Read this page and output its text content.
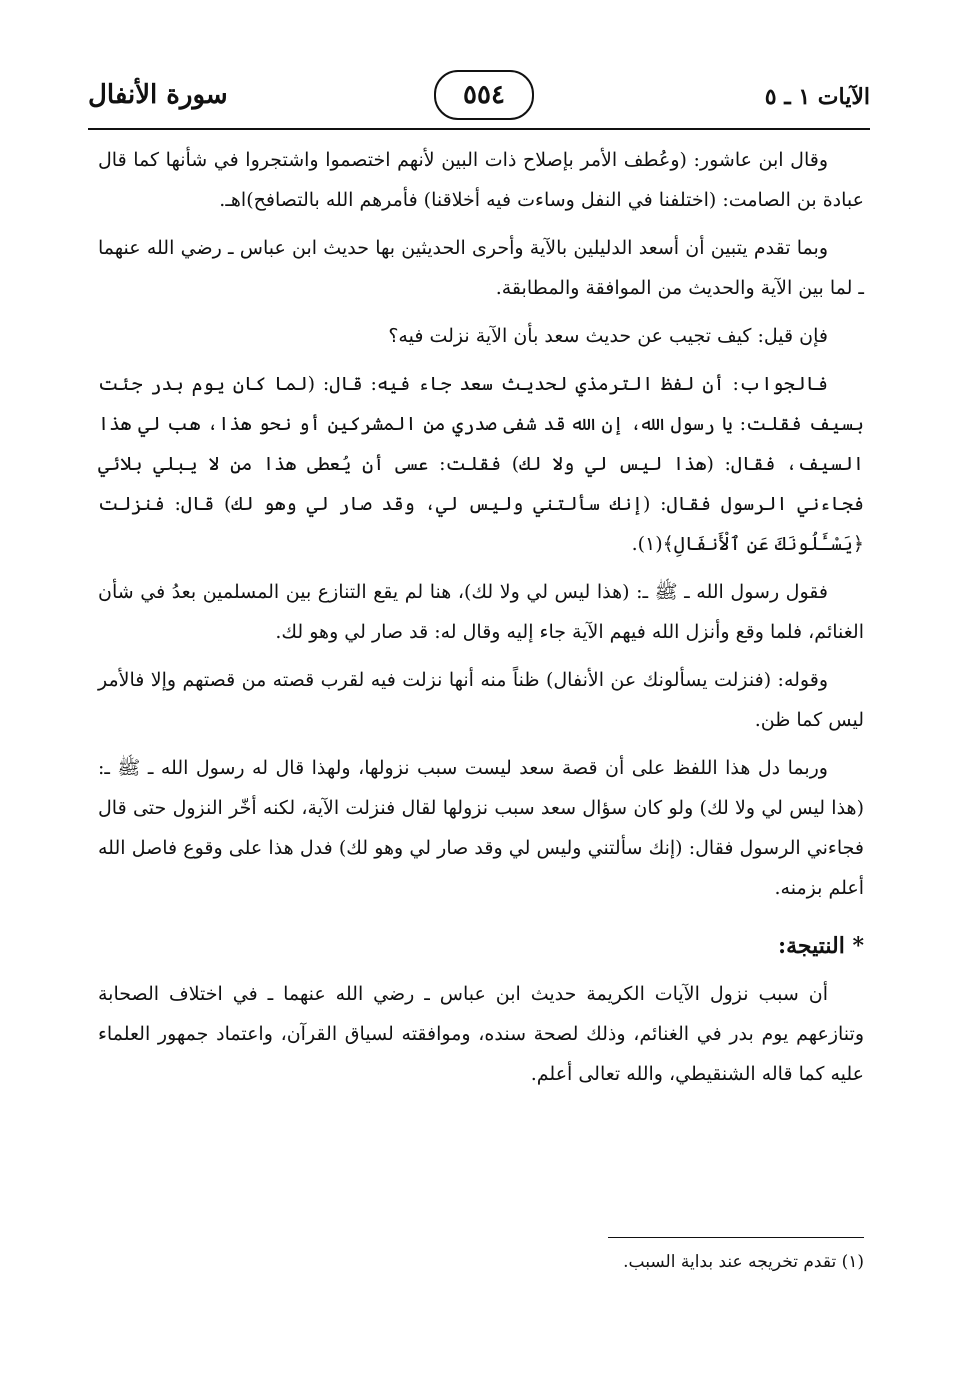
الآيات ١ ـ ٥
٥٥٤
سورة الأنفال

وقال ابن عاشور: (وعُطف الأمر بإصلاح ذات البين لأنهم اختصموا واشتجروا في شأنها كما قال عبادة بن الصامت: (اختلفنا في النفل وساءت فيه أخلاقنا) فأمرهم الله بالتصافح)اهـ.

وبما تقدم يتبين أن أسعد الدليلين بالآية وأحرى الحديثين بها حديث ابن عباس ـ رضي الله عنهما ـ لما بين الآية والحديث من الموافقة والمطابقة.

فإن قيل: كيف تجيب عن حديث سعد بأن الآية نزلت فيه؟

فالجواب: أن لفظ الترمذي لحديث سعد جاء فيه: قال: (لما كان يوم بدر جئت بسيف فقلت: يا رسول الله، إن الله قد شفى صدري من المشركين أو نحو هذا، هب لي هذا السيف، فقال: (هذا ليس لي ولا لك) فقلت: عسى أن يُعطى هذا من لا يبلي بلائي فجاءني الرسول فقال: (إنك سألتني وليس لي، وقد صار لي وهو لك) قال: فنزلت ﴿يَسْـَٔلُونَكَ عَنِ ٱلْأَنفَالِ﴾(١).

فقول رسول الله ـ ﷺ ـ: (هذا ليس لي ولا لك)، هنا لم يقع التنازع بين المسلمين بعدُ في شأن الغنائم، فلما وقع وأنزل الله فيهم الآية جاء إليه وقال له: قد صار لي وهو لك.

وقوله: (فنزلت يسألونك عن الأنفال) ظناً منه أنها نزلت فيه لقرب قصته من قصتهم وإلا فالأمر ليس كما ظن.

وربما دل هذا اللفظ على أن قصة سعد ليست سبب نزولها، ولهذا قال له رسول الله ـ ﷺ ـ: (هذا ليس لي ولا لك) ولو كان سؤال سعد سبب نزولها لقال فنزلت الآية، لكنه أخّر النزول حتى قال فجاءني الرسول فقال: (إنك سألتني وليس لي وقد صار لي وهو لك) فدل هذا على وقوع فاصل الله أعلم بزمنه.

* النتيجة:

أن سبب نزول الآيات الكريمة حديث ابن عباس ـ رضي الله عنهما ـ في اختلاف الصحابة وتنازعهم يوم بدر في الغنائم، وذلك لصحة سنده، وموافقته لسياق القرآن، واعتماد جمهور العلماء عليه كما قاله الشنقيطي، والله تعالى أعلم.

(١) تقدم تخريجه عند بداية السبب.
